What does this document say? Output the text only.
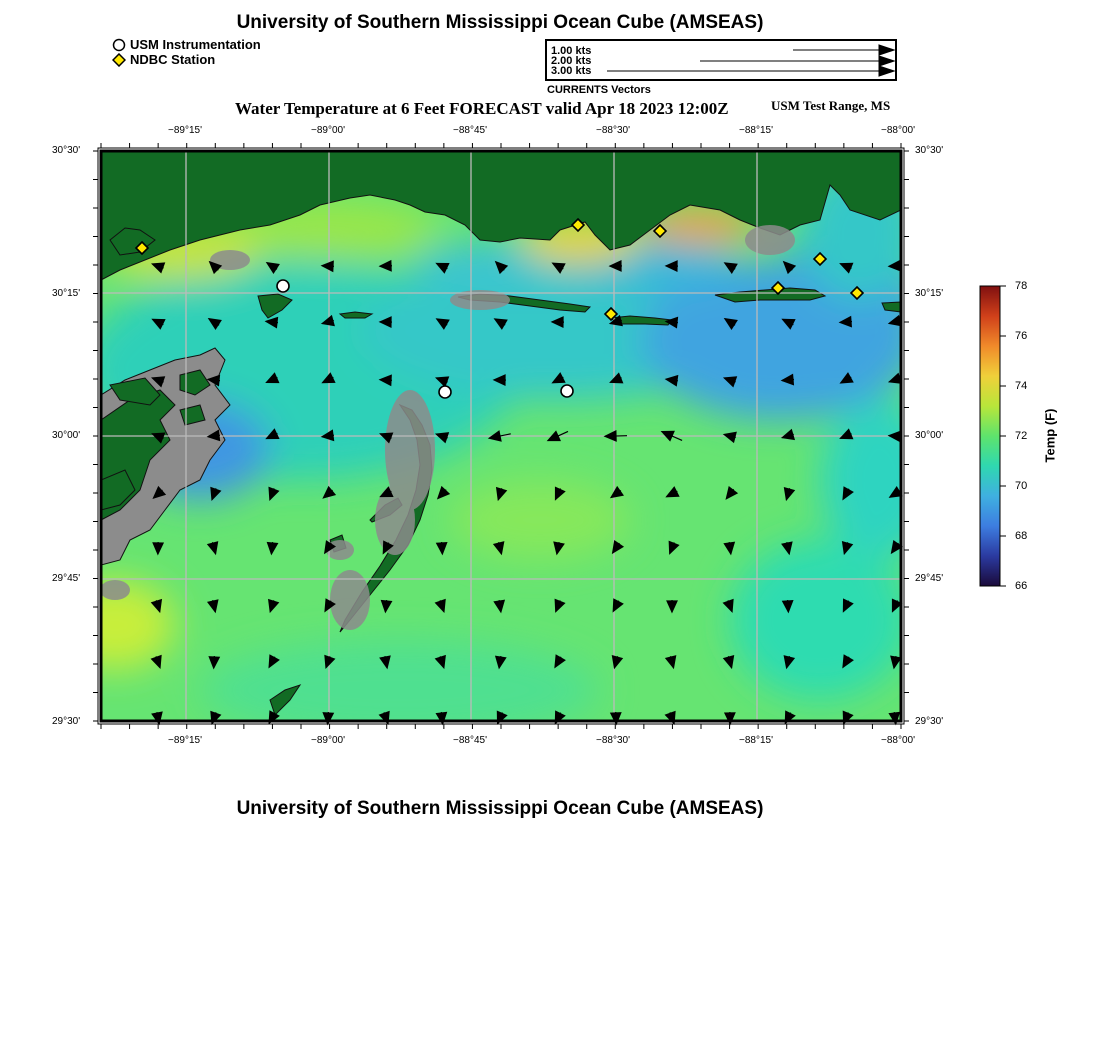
University of Southern Mississippi Ocean Cube (AMSEAS)
USM Instrumentation
NDBC Station
1.00 kts
2.00 kts
3.00 kts
CURRENTS Vectors
Water Temperature at 6 Feet FORECAST valid Apr 18 2023 12:00Z	USM Test Range, MS
−89°15'	−89°00'	−88°45'	−88°30'	−88°15'	−88°00'
−89°15'	−89°00'	−88°45'	−88°30'	−88°15'	−88°00'
30°30'
30°15'
30°00'
29°45'
29°30'
30°30'
30°15'
30°00'
29°45'
29°30'
78
76
74
72
70
68
66
Temp (F)
University of Southern Mississippi Ocean Cube (AMSEAS)
